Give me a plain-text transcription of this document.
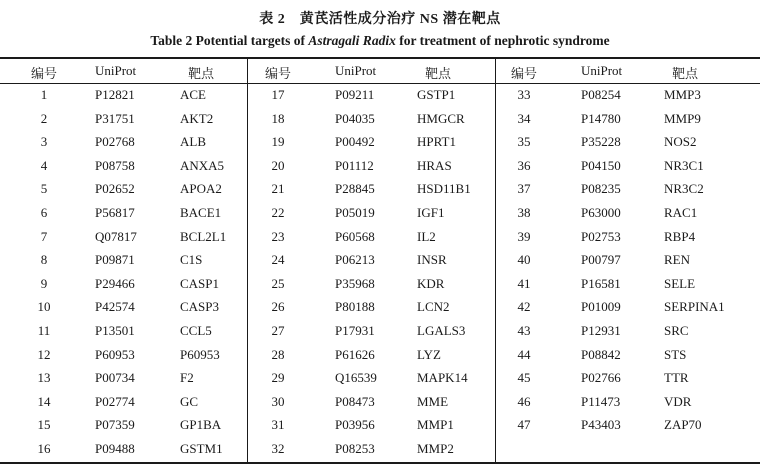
表 2　黄芪活性成分治疗 NS 潜在靶点
Table 2 Potential targets of Astragali Radix for treatment of nephrotic syndrome
编号	UniProt	靶点
1	P12821	ACE
2	P31751	AKT2
3	P02768	ALB
4	P08758	ANXA5
5	P02652	APOA2
6	P56817	BACE1
7	Q07817	BCL2L1
8	P09871	C1S
9	P29466	CASP1
10	P42574	CASP3
11	P13501	CCL5
12	P60953	P60953
13	P00734	F2
14	P02774	GC
15	P07359	GP1BA
16	P09488	GSTM1
编号	UniProt	靶点
17	P09211	GSTP1
18	P04035	HMGCR
19	P00492	HPRT1
20	P01112	HRAS
21	P28845	HSD11B1
22	P05019	IGF1
23	P60568	IL2
24	P06213	INSR
25	P35968	KDR
26	P80188	LCN2
27	P17931	LGALS3
28	P61626	LYZ
29	Q16539	MAPK14
30	P08473	MME
31	P03956	MMP1
32	P08253	MMP2
编号	UniProt	靶点
33	P08254	MMP3
34	P14780	MMP9
35	P35228	NOS2
36	P04150	NR3C1
37	P08235	NR3C2
38	P63000	RAC1
39	P02753	RBP4
40	P00797	REN
41	P16581	SELE
42	P01009	SERPINA1
43	P12931	SRC
44	P08842	STS
45	P02766	TTR
46	P11473	VDR
47	P43403	ZAP70
